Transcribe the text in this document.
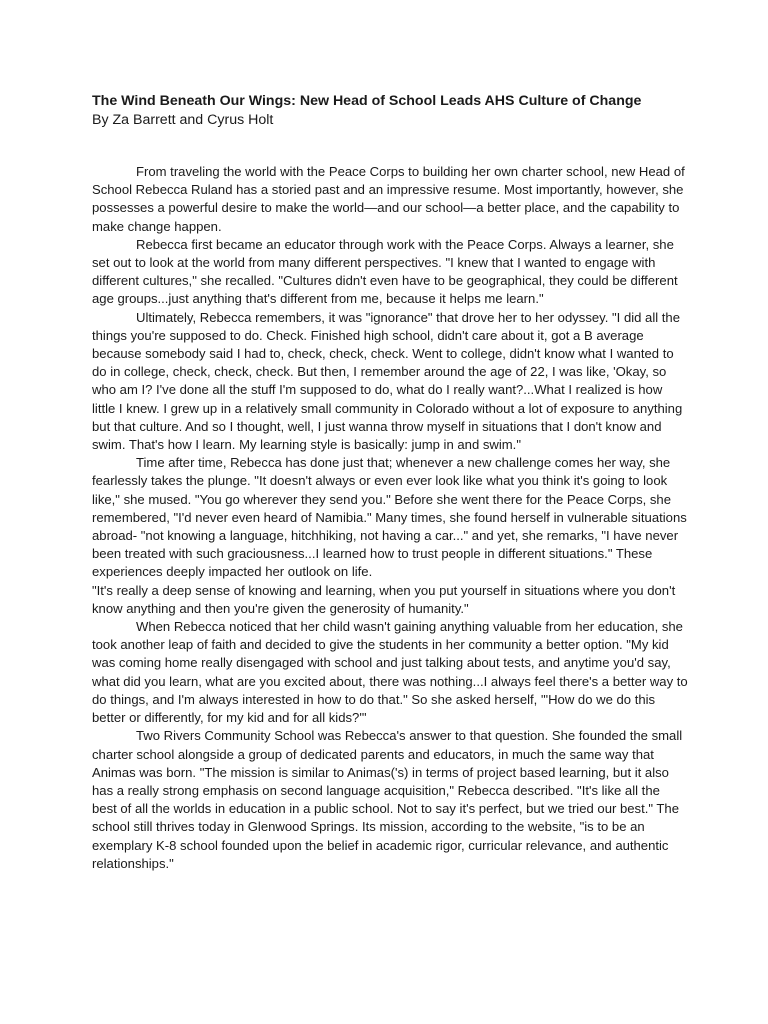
The Wind Beneath Our Wings: New Head of School Leads AHS Culture of Change
By Za Barrett and Cyrus Holt

From traveling the world with the Peace Corps to building her own charter school, new Head of School Rebecca Ruland has a storied past and an impressive resume. Most importantly, however, she possesses a powerful desire to make the world—and our school—a better place, and the capability to make change happen.

Rebecca first became an educator through work with the Peace Corps. Always a learner, she set out to look at the world from many different perspectives. "I knew that I wanted to engage with different cultures," she recalled. "Cultures didn't even have to be geographical, they could be different age groups...just anything that's different from me, because it helps me learn."

Ultimately, Rebecca remembers, it was "ignorance" that drove her to her odyssey. "I did all the things you're supposed to do. Check. Finished high school, didn't care about it, got a B average because somebody said I had to, check, check, check. Went to college, didn't know what I wanted to do in college, check, check, check. But then, I remember around the age of 22, I was like, 'Okay, so who am I? I've done all the stuff I'm supposed to do, what do I really want?...What I realized is how little I knew. I grew up in a relatively small community in Colorado without a lot of exposure to anything but that culture. And so I thought, well, I just wanna throw myself in situations that I don't know and swim. That's how I learn. My learning style is basically: jump in and swim."

Time after time, Rebecca has done just that; whenever a new challenge comes her way, she fearlessly takes the plunge. "It doesn't always or even ever look like what you think it's going to look like," she mused. "You go wherever they send you." Before she went there for the Peace Corps, she remembered, "I'd never even heard of Namibia." Many times, she found herself in vulnerable situations abroad- "not knowing a language, hitchhiking, not having a car..." and yet, she remarks, "I have never been treated with such graciousness...I learned how to trust people in different situations." These experiences deeply impacted her outlook on life.

"It's really a deep sense of knowing and learning, when you put yourself in situations where you don't know anything and then you're given the generosity of humanity."

When Rebecca noticed that her child wasn't gaining anything valuable from her education, she took another leap of faith and decided to give the students in her community a better option. "My kid was coming home really disengaged with school and just talking about tests, and anytime you'd say, what did you learn, what are you excited about, there was nothing...I always feel there's a better way to do things, and I'm always interested in how to do that." So she asked herself, "'How do we do this better or differently, for my kid and for all kids?'"

Two Rivers Community School was Rebecca's answer to that question. She founded the small charter school alongside a group of dedicated parents and educators, in much the same way that Animas was born. "The mission is similar to Animas('s) in terms of project based learning, but it also has a really strong emphasis on second language acquisition," Rebecca described. "It's like all the best of all the worlds in education in a public school. Not to say it's perfect, but we tried our best." The school still thrives today in Glenwood Springs. Its mission, according to the website, "is to be an exemplary K-8 school founded upon the belief in academic rigor, curricular relevance, and authentic relationships."
